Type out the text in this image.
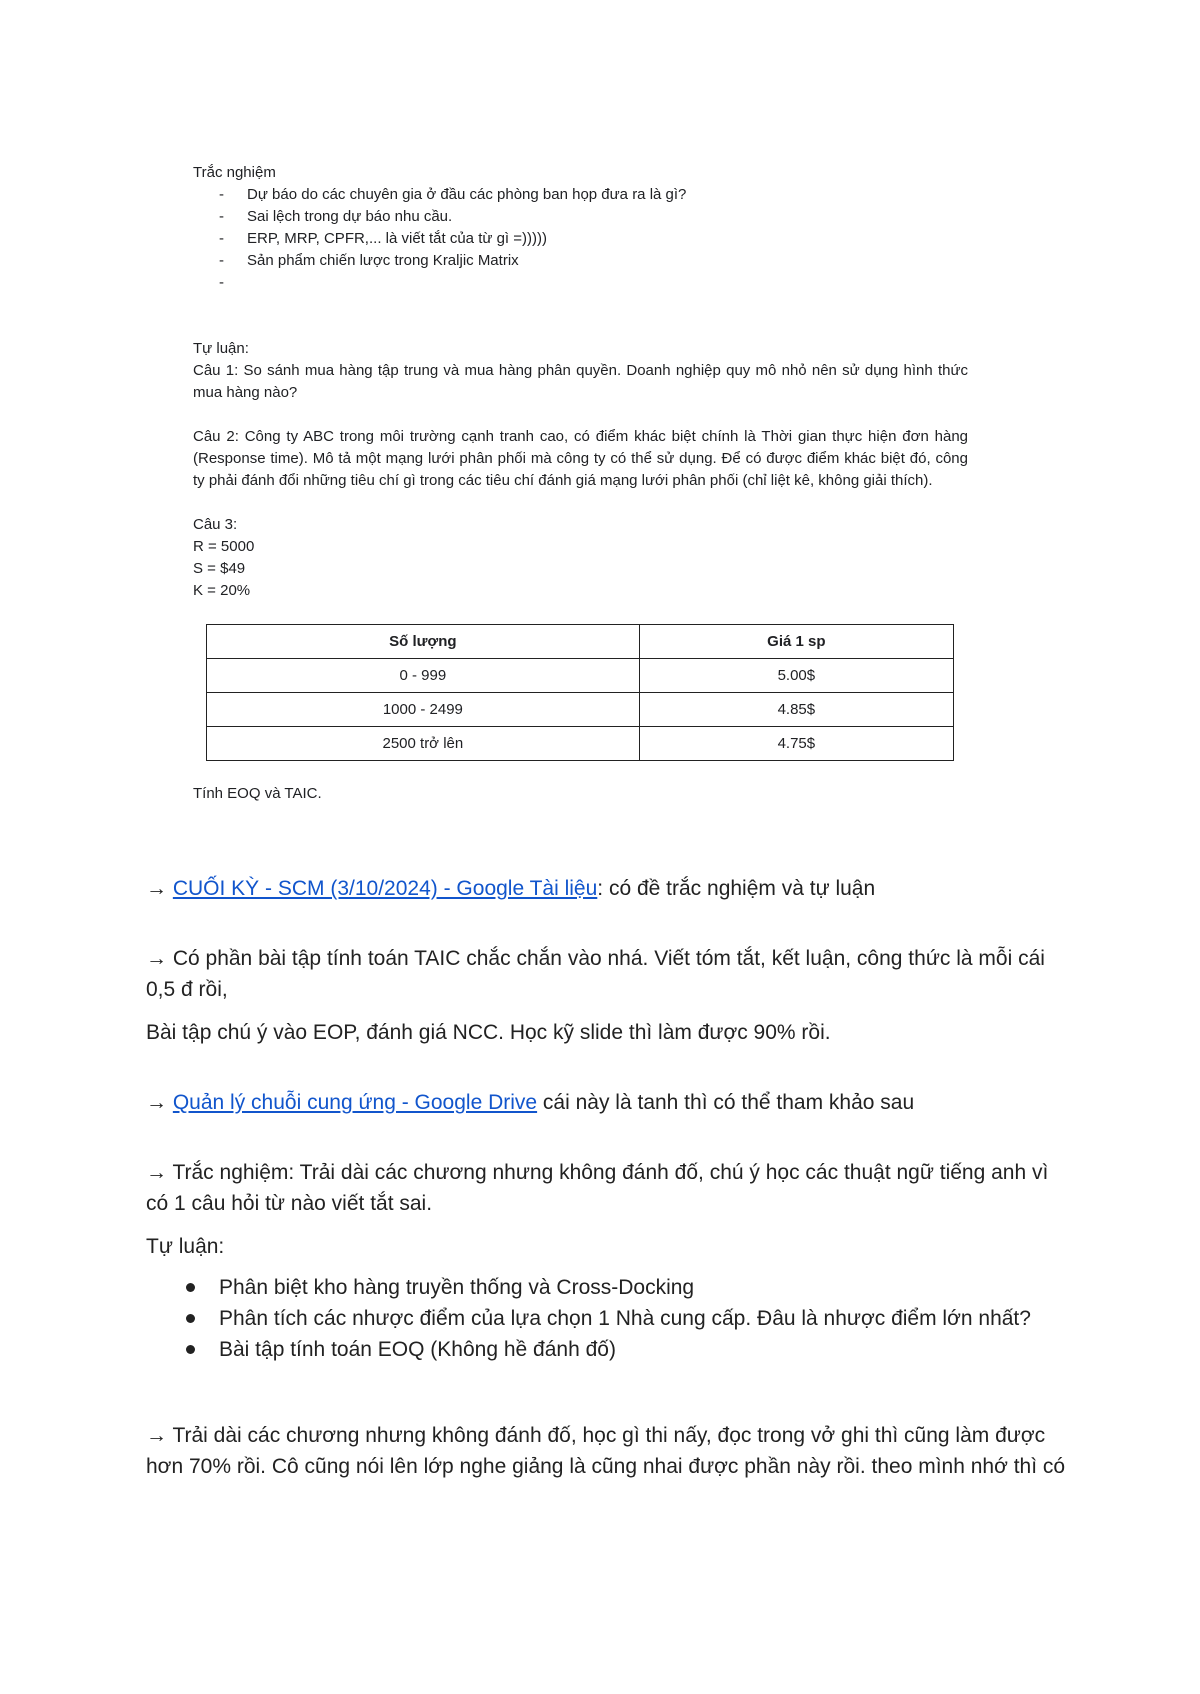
Trắc nghiệm

- Dự báo do các chuyên gia ở đầu các phòng ban họp đưa ra là gì?
- Sai lệch trong dự báo nhu cầu.
- ERP, MRP, CPFR,... là viết tắt của từ gì =)))))
- Sản phẩm chiến lược trong Kraljic Matrix
-

Tự luận:

Câu 1: So sánh mua hàng tập trung và mua hàng phân quyền. Doanh nghiệp quy mô nhỏ nên sử dụng hình thức mua hàng nào?

Câu 2: Công ty ABC trong môi trường cạnh tranh cao, có điểm khác biệt chính là Thời gian thực hiện đơn hàng (Response time). Mô tả một mạng lưới phân phối mà công ty có thể sử dụng. Để có được điểm khác biệt đó, công ty phải đánh đổi những tiêu chí gì trong các tiêu chí đánh giá mạng lưới phân phối (chỉ liệt kê, không giải thích).

Câu 3:

R = 5000

S = $49

K = 20%

Số lượng	Giá 1 sp
0 - 999	5.00$
1000 - 2499	4.85$
2500 trở lên	4.75$

Tính EOQ và TAIC.

→ CUỐI KỲ - SCM (3/10/2024) - Google Tài liệu: có đề trắc nghiệm và tự luận

→ Có phần bài tập tính toán TAIC chắc chắn vào nhá. Viết tóm tắt, kết luận, công thức là mỗi cái 0,5 đ rồi,

Bài tập chú ý vào EOP, đánh giá NCC. Học kỹ slide thì làm được 90% rồi.

→ Quản lý chuỗi cung ứng - Google Drive cái này là tanh thì có thể tham khảo sau

→ Trắc nghiệm: Trải dài các chương nhưng không đánh đố, chú ý học các thuật ngữ tiếng anh vì có 1 câu hỏi từ nào viết tắt sai.

Tự luận:

Phân biệt kho hàng truyền thống và Cross-Docking
Phân tích các nhược điểm của lựa chọn 1 Nhà cung cấp. Đâu là nhược điểm lớn nhất?
Bài tập tính toán EOQ (Không hề đánh đố)

→ Trải dài các chương nhưng không đánh đố, học gì thi nấy, đọc trong vở ghi thì cũng làm được hơn 70% rồi. Cô cũng nói lên lớp nghe giảng là cũng nhai được phần này rồi. theo mình nhớ thì có
